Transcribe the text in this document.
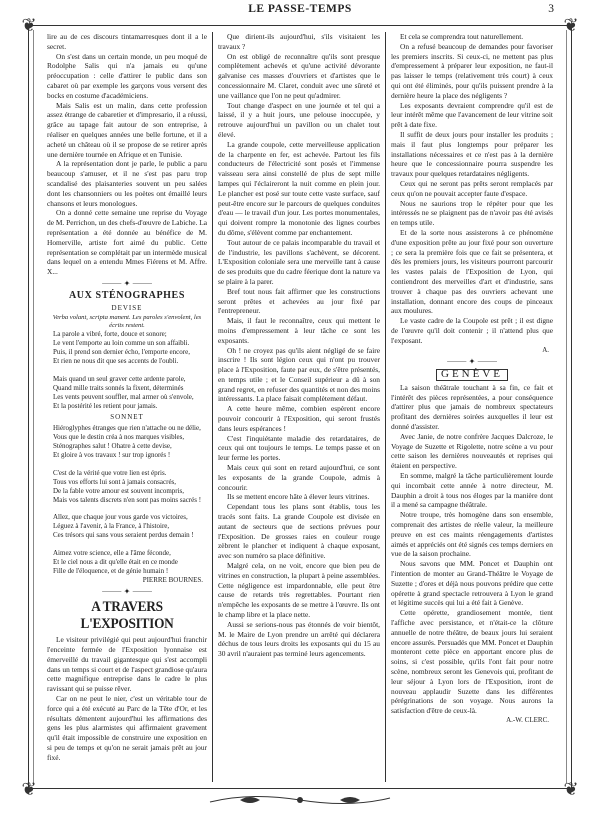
❦	❦
❦	❦
LE PASSE-TEMPS	3

lire au de ces discours tintamarresques dont il a le secret.

On s'est dans un certain monde, un peu moqué de Rodolphe Salis qui n'a jamais eu qu'une préoccupation : celle d'attirer le public dans son cabaret où par exemple les garçons vous versent des bocks en costume d'académiciens.

Mais Salis est un malin, dans cette profession assez étrange de cabaretier et d'impresario, il a réussi, grâce au tapage fait autour de son entreprise, à réaliser en quelques années une belle fortune, et il a acheté un château où il se propose de se retirer après une dernière tournée en Afrique et en Tunisie.

A la représentation dont je parle, le public a paru beaucoup s'amuser, et il ne s'est pas paru trop scandalisé des plaisanteries souvent un peu salées dont les chansonniers ou les poètes ont émaillé leurs chansons et leurs monologues.

On a donné cette semaine une reprise du Voyage de M. Perrichon, un des chefs-d'œuvre de Labiche. La représentation a été donnée au bénéfice de M. Homerville, artiste fort aimé du public. Cette représentation se complétait par un intermède musical dans lequel on a entendu Mmes Fiérens et M. Affre. X...

⸻ ✦ ⸻
AUX STÉNOGRAPHES
DEVISE
Verba volant, scripta manent. Les paroles s'envolent, les écrits restent.
La parole a vibré, forte, douce et sonore;
Le vent l'emporte au loin comme un son affaibli.
Puis, il prend son dernier écho, l'emporte encore,
Et rien ne nous dit que ses accents de l'oubli.

Mais quand un seul graver cette ardente parole,
Quand mille traits sonnés la fixent, déterminés
Les vents peuvent souffler, mal armer où s'envole,
Et la postérité les retient pour jamais.
SONNET
Hiéroglyphes étranges que rien n'attache ou ne délie,
Vous que le destin créa à nos marques visibles,
Sténographes salut ! Ohatre à cette devise,
Et gloire à vos travaux ! sur trop ignorés !

C'est de la vérité que votre lien est épris.
Tous vos efforts lui sont à jamais consacrés,
De la fable votre amour est souvent incompris,
Mais vos talents discrets n'en sont pas moins sacrés !

Allez, que chaque jour vous garde vos victoires,
Léguez à l'avenir, à la France, à l'histoire,
Ces trésors qui sans vous seraient perdus demain !

Aimez votre science, elle a l'âme féconde,
Et le ciel nous a dit qu'elle était en ce monde
Fille de l'éloquence, et de génie humain !
PIERRE BOURNES.
⸻ ✦ ⸻
A TRAVERS L'EXPOSITION

Le visiteur privilégié qui peut aujourd'hui franchir l'enceinte fermée de l'Exposition lyonnaise est émerveillé du travail gigantesque qui s'est accompli dans un temps si court et de l'aspect grandiose qu'aura cette magnifique entreprise dans le cadre le plus ravissant qui se puisse rêver.

Car on ne peut le nier, c'est un véritable tour de force qui a été exécuté au Parc de la Tête d'Or, et les résultats démentent aujourd'hui les affirmations des gens les plus alarmistes qui affirmaient gravement qu'il était impossible de construire une exposition en si peu de temps et qu'on ne serait jamais prêt au jour fixé.

Que dirient-ils aujourd'hui, s'ils visitaient les travaux ?

On est obligé de reconnaître qu'ils sont presque complètement achevés et qu'une activité dévorante galvanise ces masses d'ouvriers et d'artistes que le concessionnaire M. Claret, conduit avec une sûreté et une vaillance que l'on ne peut qu'admirer.

Tout change d'aspect en une journée et tel qui a laissé, il y a huit jours, une pelouse inoccupée, y retrouve aujourd'hui un pavillon ou un chalet tout élevé.

La grande coupole, cette merveilleuse application de la charpente en fer, est achevée. Partout les fils conducteurs de l'électricité sont posés et l'immense vaisseau sera ainsi constellé de plus de sept mille lampes qui l'éclaireront la nuit comme en plein jour. Le plancher est posé sur toute cette vaste surface, sauf peut-être encore sur le parcours de quelques conduites d'eau — le travail d'un jour. Les portes monumentales, qui doivent rompre la monotonie des lignes courbes du dôme, s'élèvent comme par enchantement.

Tout autour de ce palais incomparable du travail et de l'industrie, les pavillons s'achèvent, se décorent. L'Exposition coloniale sera une merveille tant à cause de ses produits que du cadre féerique dont la nature va se plaire à la parer.

Bref tout nous fait affirmer que les constructions seront prêtes et achevées au jour fixé par l'entrepreneur.

Mais, il faut le reconnaître, ceux qui mettent le moins d'empressement à leur tâche ce sont les exposants.

Oh ! ne croyez pas qu'ils aient négligé de se faire inscrire ! Ils sont légion ceux qui n'ont pu trouver place à l'Exposition, faute par eux, de s'être présentés, en temps utile ; et le Conseil supérieur a dû à son grand regret, en refuser des quantités et non des moins intéressants. La place faisait complètement défaut.

A cette heure même, combien espèrent encore pouvoir concourir à l'Exposition, qui seront frustés dans leurs espérances !

C'est l'inquiétante maladie des retardataires, de ceux qui ont toujours le temps. Le temps passe et on leur ferme les portes.

Mais ceux qui sont en retard aujourd'hui, ce sont les exposants de la grande Coupole, admis à concourir.

Ils se mettent encore hâte à élever leurs vitrines.

Cependant tous les plans sont établis, tous les tracés sont faits. La grande Coupole est divisée en autant de secteurs que de sections prévues pour l'Exposition. De grosses raies en couleur rouge zèbrent le plancher et indiquent à chaque exposant, avec son numéro sa place définitive.

Malgré cela, on ne voit, encore que bien peu de vitrines en construction, la plupart à peine assemblées. Cette négligence est impardonnable, elle peut être cause de retards très regrettables. Pourtant rien n'empêche les exposants de se mettre à l'œuvre. Ils ont le champ libre et la place nette.

Aussi se serions-nous pas étonnés de voir bientôt, M. le Maire de Lyon prendre un arrêté qui déclarera déchus de tous leurs droits les exposants qui du 15 au 30 avril n'auraient pas terminé leurs agencements.

Et cela se comprendra tout naturellement.

On a refusé beaucoup de demandes pour favoriser les premiers inscrits. Si ceux-ci, ne mettent pas plus d'empressement à préparer leur exposition, ne faut-il pas laisser le temps (relativement très court) à ceux qui ont été éliminés, pour qu'ils puissent prendre à la dernière heure la place des négligents ?

Les exposants devraient comprendre qu'il est de leur intérêt même que l'avancement de leur vitrine soit prêt à date fixe.

Il suffit de deux jours pour installer les produits ; mais il faut plus longtemps pour préparer les installations nécessaires et ce n'est pas à la dernière heure que le concessionnaire pourra suspendre les travaux pour quelques retardataires négligents.

Ceux qui ne seront pas prêts seront remplacés par ceux qu'on ne pouvait accepter faute d'espace.

Nous ne saurions trop le répéter pour que les intéressés ne se plaignent pas de n'avoir pas été avisés en temps utile.

Et de la sorte nous assisterons à ce phénomène d'une exposition prête au jour fixé pour son ouverture ; ce sera la première fois que ce fait se présentera, et dès les premiers jours, les visiteurs pourront parcourir les vastes palais de l'Exposition de Lyon, qui contiendront des merveilles d'art et d'industrie, sans trouver à chaque pas des ouvriers achevant une installation, donnant encore des coups de pinceaux aux moulures.

Le vaste cadre de la Coupole est prêt ; il est digne de l'œuvre qu'il doit contenir ; il n'attend plus que l'exposant.

A.
⸻ ✦ ⸻
GENÈVE

La saison théâtrale touchant à sa fin, ce fait et l'intérêt des pièces représentées, a pour conséquence d'attirer plus que jamais de nombreux spectateurs profitant des dernières soirées auxquelles il leur est donné d'assister.

Avec Janie, de notre confrère Jacques Dalcroze, le Voyage de Suzette et Rigolette, notre scène a vu pour cette saison les dernières nouveautés et reprises qui étaient en perspective.

En somme, malgré la tâche particulièrement lourde qui incombait cette année à notre directeur, M. Dauphin a droit à tous nos éloges par la manière dont il a mené sa campagne théâtrale.

Notre troupe, très homogène dans son ensemble, comprenait des artistes de réelle valeur, la meilleure preuve en est ces maints réengagements d'artistes aimés et appréciés ont été signés ces temps derniers en vue de la saison prochaine.

Nous savons que MM. Poncet et Dauphin ont l'intention de monter au Grand-Théâtre le Voyage de Suzette ; d'ores et déjà nous pouvons prédire que cette opérette à grand spectacle retrouvera à Lyon le grand et légitime succès qui lui a été fait à Genève.

Cette opérette, grandiosement montée, tient l'affiche avec persistance, et n'était-ce la clôture annuelle de notre théâtre, de beaux jours lui seraient encore assurés. Persuadés que MM. Poncet et Dauphin monteront cette pièce en apportant encore plus de soins, si c'est possible, qu'ils l'ont fait pour notre scène, nombreux seront les Genevois qui, profitant de leur séjour à Lyon lors de l'Exposition, iront de nouveau applaudir Suzette dans les différentes pérégrinations de son voyage. Nous aurons la satisfaction d'être de ceux-là.

A.-W. CLERC.
